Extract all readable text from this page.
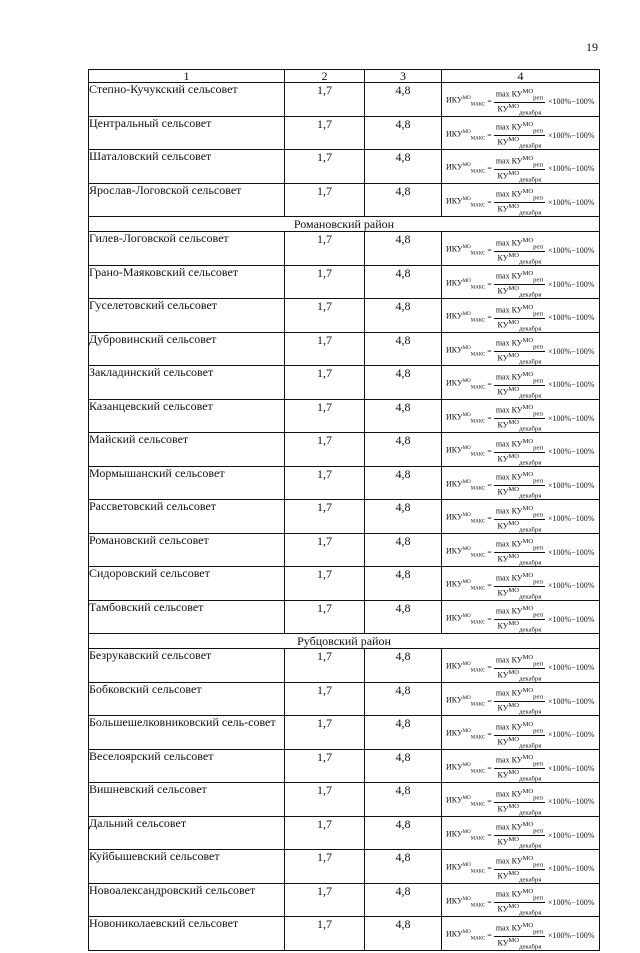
19
1	2	3	4
Степно-Кучукский сельсовет	1,7	4,8	$ИКУ^{МО}_{МАКС} = \frac{\max КУ^{МО}_{реп}}{КУ^{МО}_{декабря}} \times 100\%-100\%$

Центральный сельсовет	1,7	4,8	$ИКУ^{МО}_{МАКС} = \frac{\max КУ^{МО}_{реп}}{КУ^{МО}_{декабря}} \times 100\%-100\%$

Шаталовский сельсовет	1,7	4,8	$ИКУ^{МО}_{МАКС} = \frac{\max КУ^{МО}_{реп}}{КУ^{МО}_{декабря}} \times 100\%-100\%$

Ярослав-Логовской сельсовет	1,7	4,8	$ИКУ^{МО}_{МАКС} = \frac{\max КУ^{МО}_{реп}}{КУ^{МО}_{декабря}} \times 100\%-100\%$

Романовский район			
Гилев-Логовской сельсовет	1,7	4,8	$ИКУ^{МО}_{МАКС} = \frac{\max КУ^{МО}_{реп}}{КУ^{МО}_{декабря}} \times 100\%-100\%$

Грано-Маяковский сельсовет	1,7	4,8	$ИКУ^{МО}_{МАКС} = \frac{\max КУ^{МО}_{реп}}{КУ^{МО}_{декабря}} \times 100\%-100\%$

Гуселетовский сельсовет	1,7	4,8	$ИКУ^{МО}_{МАКС} = \frac{\max КУ^{МО}_{реп}}{КУ^{МО}_{декабря}} \times 100\%-100\%$

Дубровинский сельсовет	1,7	4,8	$ИКУ^{МО}_{МАКС} = \frac{\max КУ^{МО}_{реп}}{КУ^{МО}_{декабря}} \times 100\%-100\%$

Закладинский сельсовет	1,7	4,8	$ИКУ^{МО}_{МАКС} = \frac{\max КУ^{МО}_{реп}}{КУ^{МО}_{декабря}} \times 100\%-100\%$

Казанцевский сельсовет	1,7	4,8	$ИКУ^{МО}_{МАКС} = \frac{\max КУ^{МО}_{реп}}{КУ^{МО}_{декабря}} \times 100\%-100\%$

Майский сельсовет	1,7	4,8	$ИКУ^{МО}_{МАКС} = \frac{\max КУ^{МО}_{реп}}{КУ^{МО}_{декабря}} \times 100\%-100\%$

Мормышанский сельсовет	1,7	4,8	$ИКУ^{МО}_{МАКС} = \frac{\max КУ^{МО}_{реп}}{КУ^{МО}_{декабря}} \times 100\%-100\%$

Рассветовский сельсовет	1,7	4,8	$ИКУ^{МО}_{МАКС} = \frac{\max КУ^{МО}_{реп}}{КУ^{МО}_{декабря}} \times 100\%-100\%$

Романовский сельсовет	1,7	4,8	$ИКУ^{МО}_{МАКС} = \frac{\max КУ^{МО}_{реп}}{КУ^{МО}_{декабря}} \times 100\%-100\%$

Сидоровский сельсовет	1,7	4,8	$ИКУ^{МО}_{МАКС} = \frac{\max КУ^{МО}_{реп}}{КУ^{МО}_{декабря}} \times 100\%-100\%$

Тамбовский сельсовет	1,7	4,8	$ИКУ^{МО}_{МАКС} = \frac{\max КУ^{МО}_{реп}}{КУ^{МО}_{декабря}} \times 100\%-100\%$

Рубцовский район			
Безрукавский сельсовет	1,7	4,8	$ИКУ^{МО}_{МАКС} = \frac{\max КУ^{МО}_{реп}}{КУ^{МО}_{декабря}} \times 100\%-100\%$

Бобковский сельсовет	1,7	4,8	$ИКУ^{МО}_{МАКС} = \frac{\max КУ^{МО}_{реп}}{КУ^{МО}_{декабря}} \times 100\%-100\%$

Большешелковниковский сель-совет	1,7	4,8	$ИКУ^{МО}_{МАКС} = \frac{\max КУ^{МО}_{реп}}{КУ^{МО}_{декабря}} \times 100\%-100\%$

Веселоярский сельсовет	1,7	4,8	$ИКУ^{МО}_{МАКС} = \frac{\max КУ^{МО}_{реп}}{КУ^{МО}_{декабря}} \times 100\%-100\%$

Вишневский сельсовет	1,7	4,8	$ИКУ^{МО}_{МАКС} = \frac{\max КУ^{МО}_{реп}}{КУ^{МО}_{декабря}} \times 100\%-100\%$

Дальний сельсовет	1,7	4,8	$ИКУ^{МО}_{МАКС} = \frac{\max КУ^{МО}_{реп}}{КУ^{МО}_{декабря}} \times 100\%-100\%$

Куйбышевский сельсовет	1,7	4,8	$ИКУ^{МО}_{МАКС} = \frac{\max КУ^{МО}_{реп}}{КУ^{МО}_{декабря}} \times 100\%-100\%$

Новоалександровский сельсовет	1,7	4,8	$ИКУ^{МО}_{МАКС} = \frac{\max КУ^{МО}_{реп}}{КУ^{МО}_{декабря}} \times 100\%-100\%$

Новониколаевский сельсовет	1,7	4,8	$ИКУ^{МО}_{МАКС} = \frac{\max КУ^{МО}_{реп}}{КУ^{МО}_{декабря}} \times 100\%-100\%$
